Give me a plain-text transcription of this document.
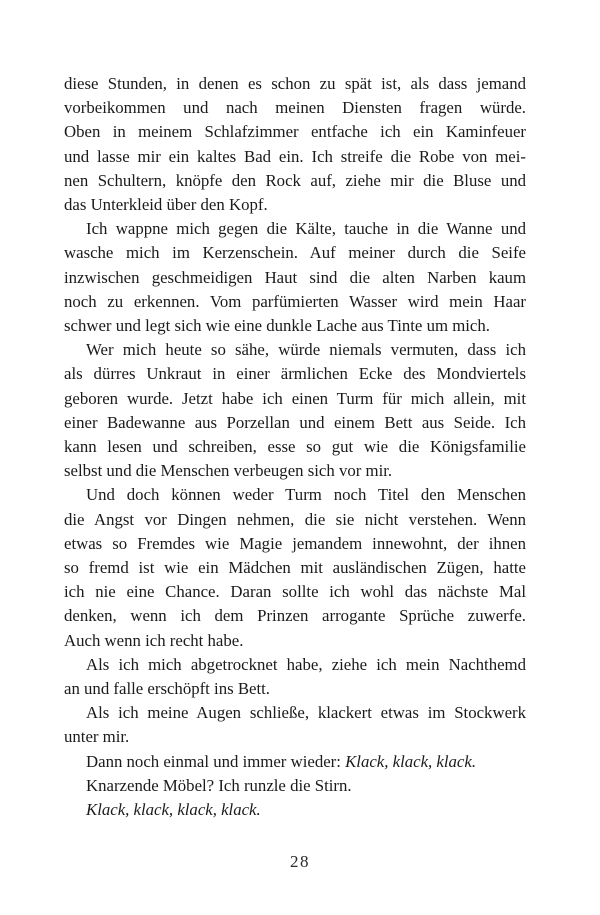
diese Stunden, in denen es schon zu spät ist, als dass jemand
vorbeikommen und nach meinen Diensten fragen würde.
Oben in meinem Schlafzimmer entfache ich ein Kaminfeuer
und lasse mir ein kaltes Bad ein. Ich streife die Robe von mei-
nen Schultern, knöpfe den Rock auf, ziehe mir die Bluse und
das Unterkleid über den Kopf.

Ich wappne mich gegen die Kälte, tauche in die Wanne und
wasche mich im Kerzenschein. Auf meiner durch die Seife
inzwischen geschmeidigen Haut sind die alten Narben kaum
noch zu erkennen. Vom parfümierten Wasser wird mein Haar
schwer und legt sich wie eine dunkle Lache aus Tinte um mich.

Wer mich heute so sähe, würde niemals vermuten, dass ich
als dürres Unkraut in einer ärmlichen Ecke des Mondviertels
geboren wurde. Jetzt habe ich einen Turm für mich allein, mit
einer Badewanne aus Porzellan und einem Bett aus Seide. Ich
kann lesen und schreiben, esse so gut wie die Königsfamilie
selbst und die Menschen verbeugen sich vor mir.

Und doch können weder Turm noch Titel den Menschen
die Angst vor Dingen nehmen, die sie nicht verstehen. Wenn
etwas so Fremdes wie Magie jemandem innewohnt, der ihnen
so fremd ist wie ein Mädchen mit ausländischen Zügen, hatte
ich nie eine Chance. Daran sollte ich wohl das nächste Mal
denken, wenn ich dem Prinzen arrogante Sprüche zuwerfe.
Auch wenn ich recht habe.

Als ich mich abgetrocknet habe, ziehe ich mein Nachthemd
an und falle erschöpft ins Bett.

Als ich meine Augen schließe, klackert etwas im Stockwerk
unter mir.

Dann noch einmal und immer wieder: Klack, klack, klack.

Knarzende Möbel? Ich runzle die Stirn.

Klack, klack, klack, klack.

28
